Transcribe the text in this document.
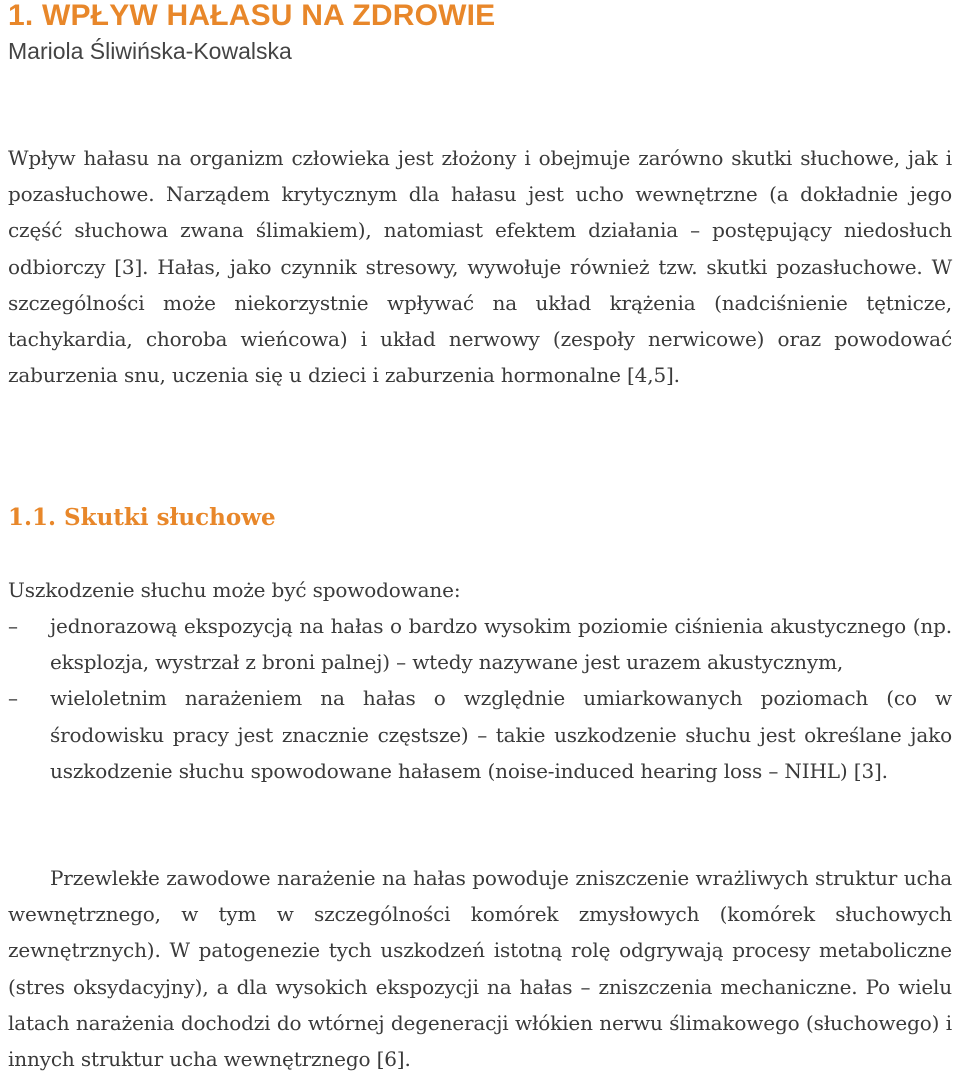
1. WPŁYW HAŁASU NA ZDROWIE

Mariola Śliwińska-Kowalska

Wpływ hałasu na organizm człowieka jest złożony i obejmuje zarówno skutki słuchowe, jak i pozasłuchowe. Narządem krytycznym dla hałasu jest ucho wewnętrzne (a dokładnie jego część słuchowa zwana ślimakiem), natomiast efektem działania – postępujący niedosłuch odbiorczy [3]. Hałas, jako czynnik stresowy, wywołuje również tzw. skutki pozasłuchowe. W szczególności może niekorzystnie wpływać na układ krążenia (nadciśnienie tętnicze, tachykardia, choroba wieńcowa) i układ nerwowy (zespoły nerwicowe) oraz powodować zaburzenia snu, uczenia się u dzieci i zaburzenia hormonalne [4,5].

1.1. Skutki słuchowe

Uszkodzenie słuchu może być spowodowane:

–	jednorazową ekspozycją na hałas o bardzo wysokim poziomie ciśnienia akustycznego (np. eksplozja, wystrzał z broni palnej) – wtedy nazywane jest urazem akustycznym,
–	wieloletnim narażeniem na hałas o względnie umiarkowanych poziomach (co w środowisku pracy jest znacznie częstsze) – takie uszkodzenie słuchu jest określane jako uszkodzenie słuchu spowodowane hałasem (noise-induced hearing loss – NIHL) [3].

Przewlekłe zawodowe narażenie na hałas powoduje zniszczenie wrażliwych struktur ucha wewnętrznego, w tym w szczególności komórek zmysłowych (komórek słuchowych zewnętrznych). W patogenezie tych uszkodzeń istotną rolę odgrywają procesy metaboliczne (stres oksydacyjny), a dla wysokich ekspozycji na hałas – zniszczenia mechaniczne. Po wielu latach narażenia dochodzi do wtórnej degeneracji włókien nerwu ślimakowego (słuchowego) i innych struktur ucha wewnętrznego [6].
